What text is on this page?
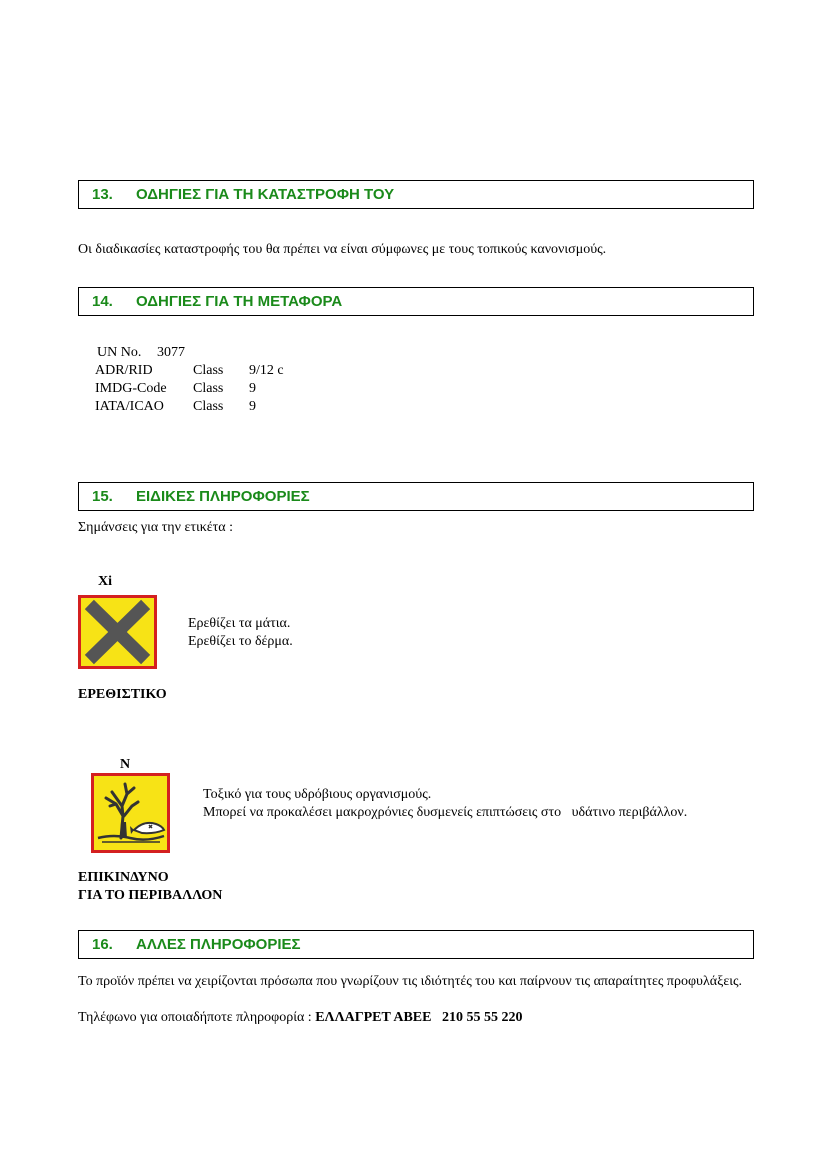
13. ΟΔΗΓΙΕΣ ΓΙΑ ΤΗ ΚΑΤΑΣΤΡΟΦΗ ΤΟΥ
Οι διαδικασίες καταστροφής του θα πρέπει να είναι σύμφωνες με τους τοπικούς κανονισμούς.
14. ΟΔΗΓΙΕΣ ΓΙΑ ΤΗ ΜΕΤΑΦΟΡΑ
UN No. 3077
ADR/RID	Class 9/12 c
IMDG-Code Class 9
IATA/ICAO Class 9
15. ΕΙΔΙΚΕΣ ΠΛΗΡΟΦΟΡΙΕΣ
Σημάνσεις για την ετικέτα :
Xi
Ερεθίζει τα μάτια.
Ερεθίζει το δέρμα.
ΕΡΕΘΙΣΤΙΚΟ
N
Τοξικό για τους υδρόβιους οργανισμούς.
Μπορεί να προκαλέσει μακροχρόνιες δυσμενείς επιπτώσεις στο   υδάτινο περιβάλλον.
ΕΠΙΚΙΝΔΥΝΟ
ΓΙΑ ΤΟ ΠΕΡΙΒΑΛΛΟΝ
16. ΑΛΛΕΣ ΠΛΗΡΟΦΟΡΙΕΣ
Το προϊόν πρέπει να χειρίζονται πρόσωπα που γνωρίζουν τις ιδιότητές του και παίρνουν τις απαραίτητες προφυλάξεις.
Τηλέφωνο για οποιαδήποτε πληροφορία : ΕΛΛΑΓΡΕΤ ΑΒΕΕ 210 55 55 220
